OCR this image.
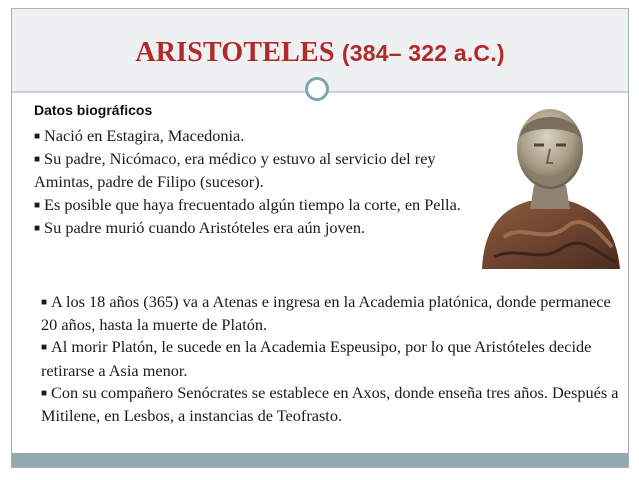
ARISTOTELES (384– 322 a.C.)
Datos biográficos

■ Nació en Estagira, Macedonia.

■ Su padre, Nicómaco, era médico y estuvo al servicio del rey Amintas, padre de Filipo (sucesor).

■ Es posible que haya frecuentado algún tiempo la corte, en Pella.

■ Su padre murió cuando Aristóteles era aún joven.

■ A los 18 años (365) va a Atenas e ingresa en la Academia platónica, donde permanece 20 años, hasta la muerte de Platón.

■ Al morir Platón, le sucede en la Academia Espeusipo, por lo que Aristóteles decide retirarse a Asia menor.

■ Con su compañero Senócrates se establece en Axos, donde enseña tres años. Después a Mitilene, en Lesbos, a instancias de Teofrasto.
